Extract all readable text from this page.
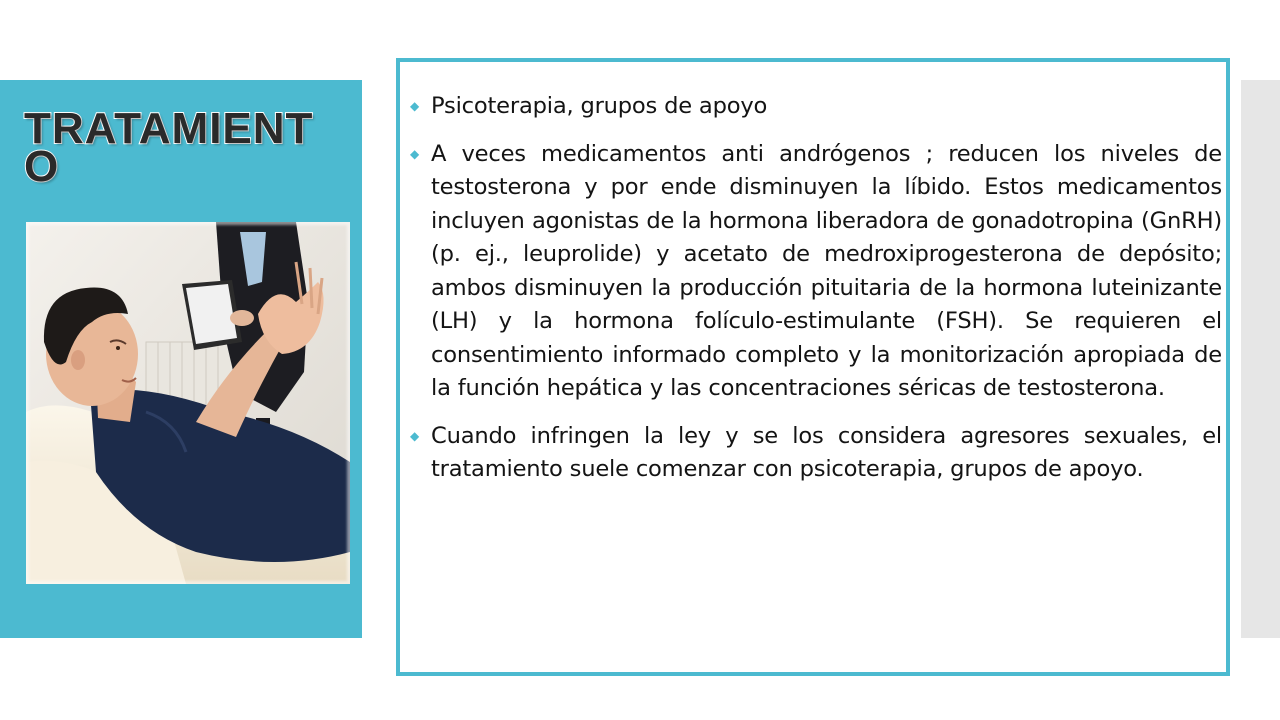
TRATAMIENTO
◆ Psicoterapia, grupos de apoyo
◆ A veces medicamentos anti andrógenos ; reducen los niveles de testosterona y por ende disminuyen la líbido. Estos medicamentos incluyen agonistas de la hormona liberadora de gonadotropina (GnRH) (p. ej., leuprolide) y acetato de medroxiprogesterona de depósito; ambos disminuyen la producción pituitaria de la hormona luteinizante (LH) y la hormona folículo-estimulante (FSH). Se requieren el consentimiento informado completo y la monitorización apropiada de la función hepática y las concentraciones séricas de testosterona.
◆ Cuando infringen la ley y se los considera agresores sexuales, el tratamiento suele comenzar con psicoterapia, grupos de apoyo.
